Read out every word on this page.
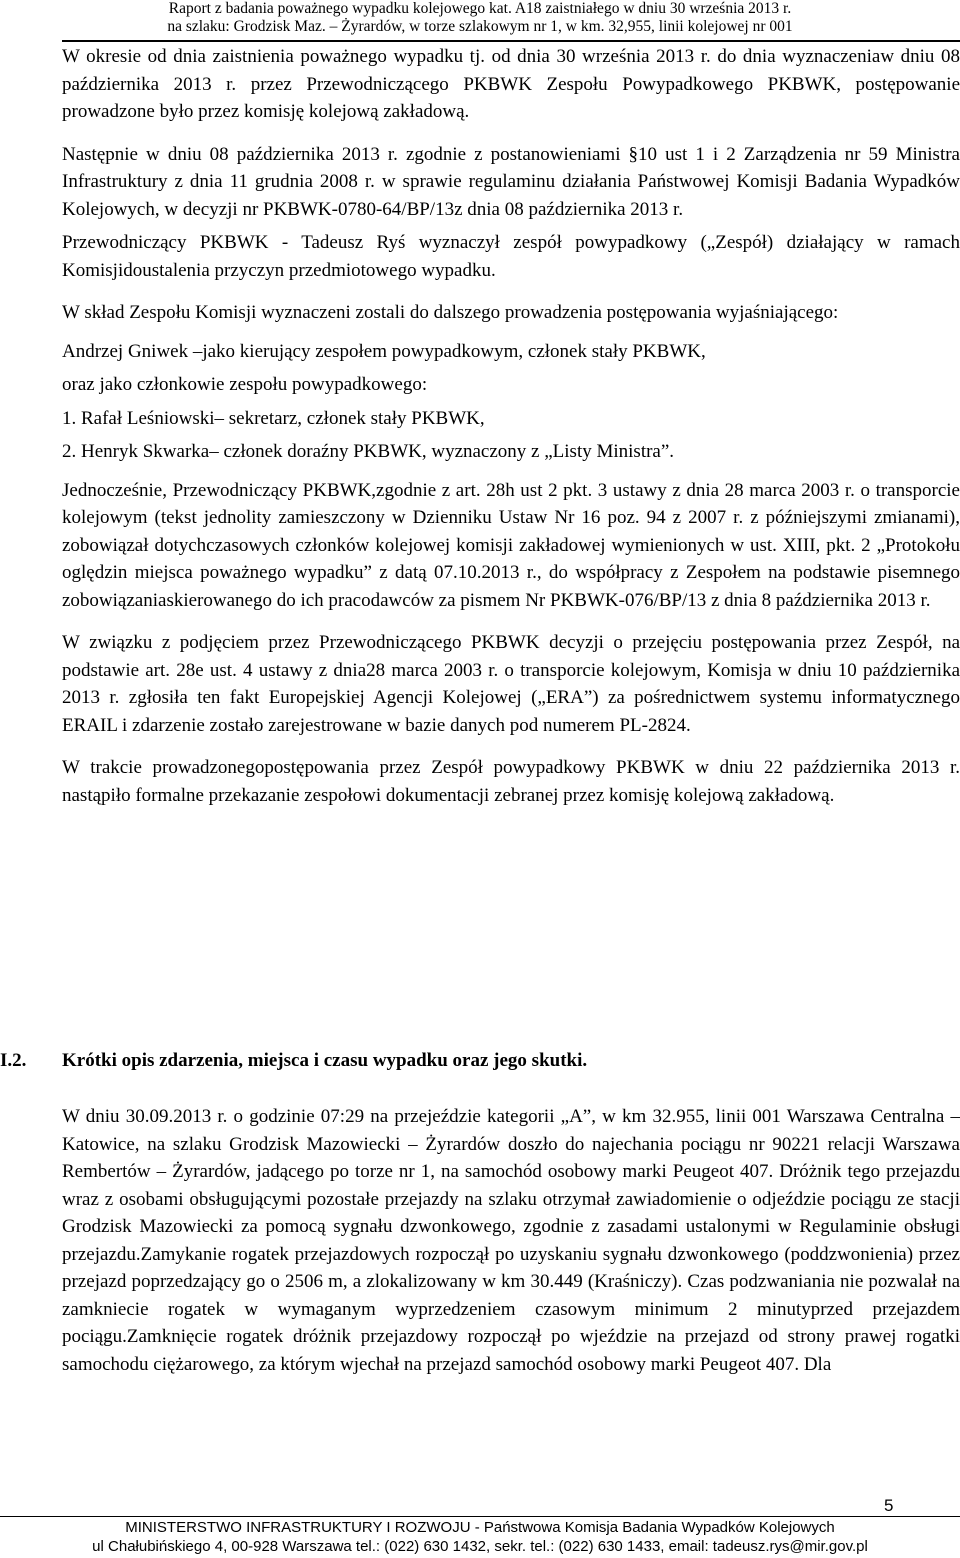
Raport z badania poważnego wypadku kolejowego kat. A18 zaistniałego w dniu 30 września 2013 r.
na szlaku: Grodzisk Maz. – Żyrardów, w torze szlakowym nr 1, w km. 32,955, linii kolejowej nr 001

W okresie od dnia zaistnienia poważnego wypadku tj. od dnia 30 września 2013 r. do dnia wyznaczeniaw dniu 08 października 2013 r. przez Przewodniczącego PKBWK Zespołu Powypadkowego PKBWK, postępowanie prowadzone było przez komisję kolejową zakładową.

Następnie w dniu 08 października 2013 r. zgodnie z postanowieniami §10 ust 1 i 2 Zarządzenia nr 59 Ministra Infrastruktury z dnia 11 grudnia 2008 r. w sprawie regulaminu działania Państwowej Komisji Badania Wypadków Kolejowych, w decyzji nr PKBWK-0780-64/BP/13z dnia 08 października 2013 r.

Przewodniczący PKBWK - Tadeusz Ryś wyznaczył zespół powypadkowy („Zespół) działający w ramach Komisjidoustalenia przyczyn przedmiotowego wypadku.

W skład Zespołu Komisji wyznaczeni zostali do dalszego prowadzenia postępowania wyjaśniającego:

Andrzej Gniwek –jako kierujący zespołem powypadkowym, członek stały PKBWK,

oraz jako członkowie zespołu powypadkowego:

1. Rafał Leśniowski– sekretarz, członek stały PKBWK,

2. Henryk Skwarka– członek doraźny PKBWK, wyznaczony z „Listy Ministra”.

Jednocześnie, Przewodniczący PKBWK,zgodnie z art. 28h ust 2 pkt. 3 ustawy z dnia 28 marca 2003 r. o transporcie kolejowym (tekst jednolity zamieszczony w Dzienniku Ustaw Nr 16 poz. 94 z 2007 r. z późniejszymi zmianami), zobowiązał dotychczasowych członków kolejowej komisji zakładowej wymienionych w ust. XIII, pkt. 2 „Protokołu oględzin miejsca poważnego wypadku” z datą 07.10.2013 r., do współpracy z Zespołem na podstawie pisemnego zobowiązaniaskierowanego do ich pracodawców za pismem Nr PKBWK-076/BP/13 z dnia 8 października 2013 r.

W związku z podjęciem przez Przewodniczącego PKBWK decyzji o przejęciu postępowania przez Zespół, na podstawie art. 28e ust. 4 ustawy z dnia28 marca 2003 r. o transporcie kolejowym, Komisja w dniu 10 października 2013 r. zgłosiła ten fakt Europejskiej Agencji Kolejowej („ERA”) za pośrednictwem systemu informatycznego ERAIL i zdarzenie zostało zarejestrowane w bazie danych pod numerem PL-2824.

W trakcie prowadzonegopostępowania przez Zespół powypadkowy PKBWK w dniu 22 października 2013 r. nastąpiło formalne przekazanie zespołowi dokumentacji zebranej przez komisję kolejową zakładową.

I.2. Krótki opis zdarzenia, miejsca i czasu wypadku oraz jego skutki.

W dniu 30.09.2013 r. o godzinie 07:29 na przejeździe kategorii „A”, w km 32.955, linii 001 Warszawa Centralna – Katowice, na szlaku Grodzisk Mazowiecki – Żyrardów doszło do najechania pociągu nr 90221 relacji Warszawa Rembertów – Żyrardów, jadącego po torze nr 1, na samochód osobowy marki Peugeot 407. Dróżnik tego przejazdu wraz z osobami obsługującymi pozostałe przejazdy na szlaku otrzymał zawiadomienie o odjeździe pociągu ze stacji Grodzisk Mazowiecki za pomocą sygnału dzwonkowego, zgodnie z zasadami ustalonymi w Regulaminie obsługi przejazdu.Zamykanie rogatek przejazdowych rozpoczął po uzyskaniu sygnału dzwonkowego (poddzwonienia) przez przejazd poprzedzający go o 2506 m, a zlokalizowany w km 30.449 (Kraśniczy). Czas podzwaniania nie pozwalał na zamkniecie rogatek w wymaganym wyprzedzeniem czasowym minimum 2 minutyprzed przejazdem pociągu.Zamknięcie rogatek dróżnik przejazdowy rozpoczął po wjeździe na przejazd od strony prawej rogatki samochodu ciężarowego, za którym wjechał na przejazd samochód osobowy marki Peugeot 407. Dla

5
MINISTERSTWO INFRASTRUKTURY I ROZWOJU - Państwowa Komisja Badania Wypadków Kolejowych
ul Chałubińskiego 4, 00-928 Warszawa tel.: (022) 630 1432, sekr. tel.: (022) 630 1433, email: tadeusz.rys@mir.gov.pl
